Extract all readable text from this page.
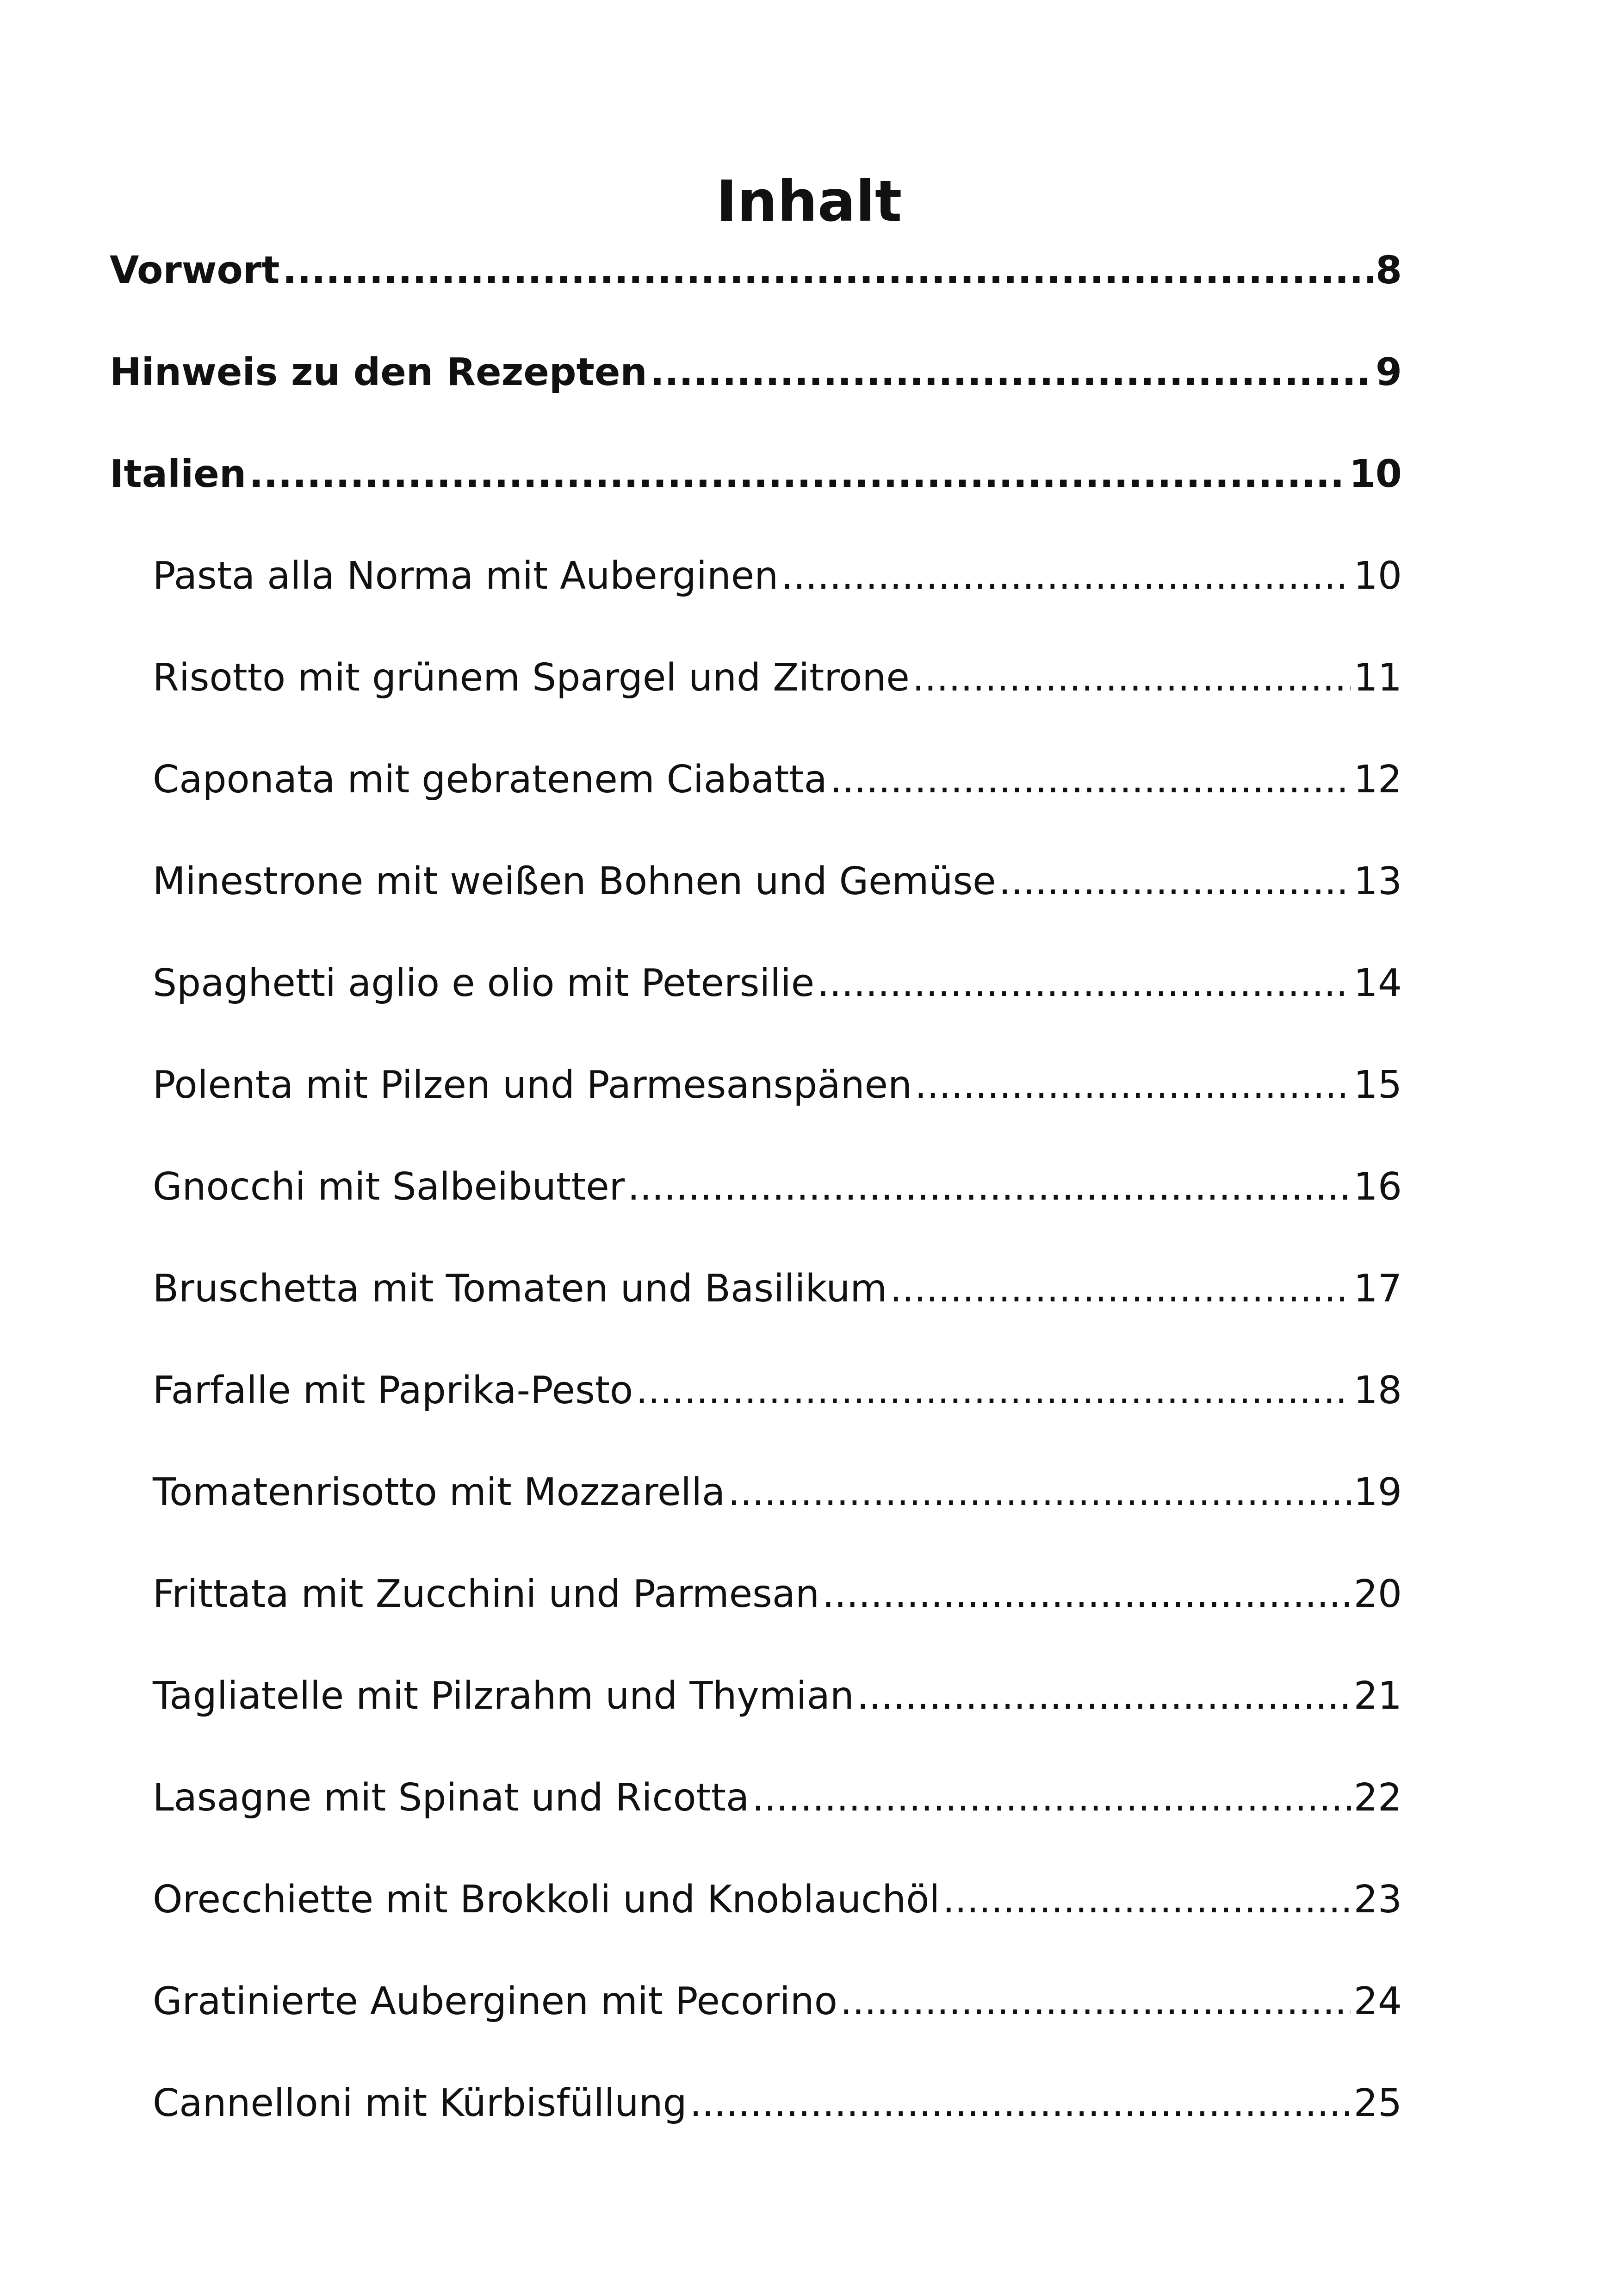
Inhalt
Vorwort .....	8
Hinweis zu den Rezepten .....	9
Italien .....	10
Pasta alla Norma mit Auberginen .....	10
Risotto mit grünem Spargel und Zitrone .....	11
Caponata mit gebratenem Ciabatta .....	12
Minestrone mit weißen Bohnen und Gemüse .....	13
Spaghetti aglio e olio mit Petersilie .....	14
Polenta mit Pilzen und Parmesanspänen .....	15
Gnocchi mit Salbeibutter .....	16
Bruschetta mit Tomaten und Basilikum .....	17
Farfalle mit Paprika-Pesto .....	18
Tomatenrisotto mit Mozzarella .....	19
Frittata mit Zucchini und Parmesan .....	20
Tagliatelle mit Pilzrahm und Thymian .....	21
Lasagne mit Spinat und Ricotta .....	22
Orecchiette mit Brokkoli und Knoblauchöl .....	23
Gratinierte Auberginen mit Pecorino .....	24
Cannelloni mit Kürbisfüllung .....	25
